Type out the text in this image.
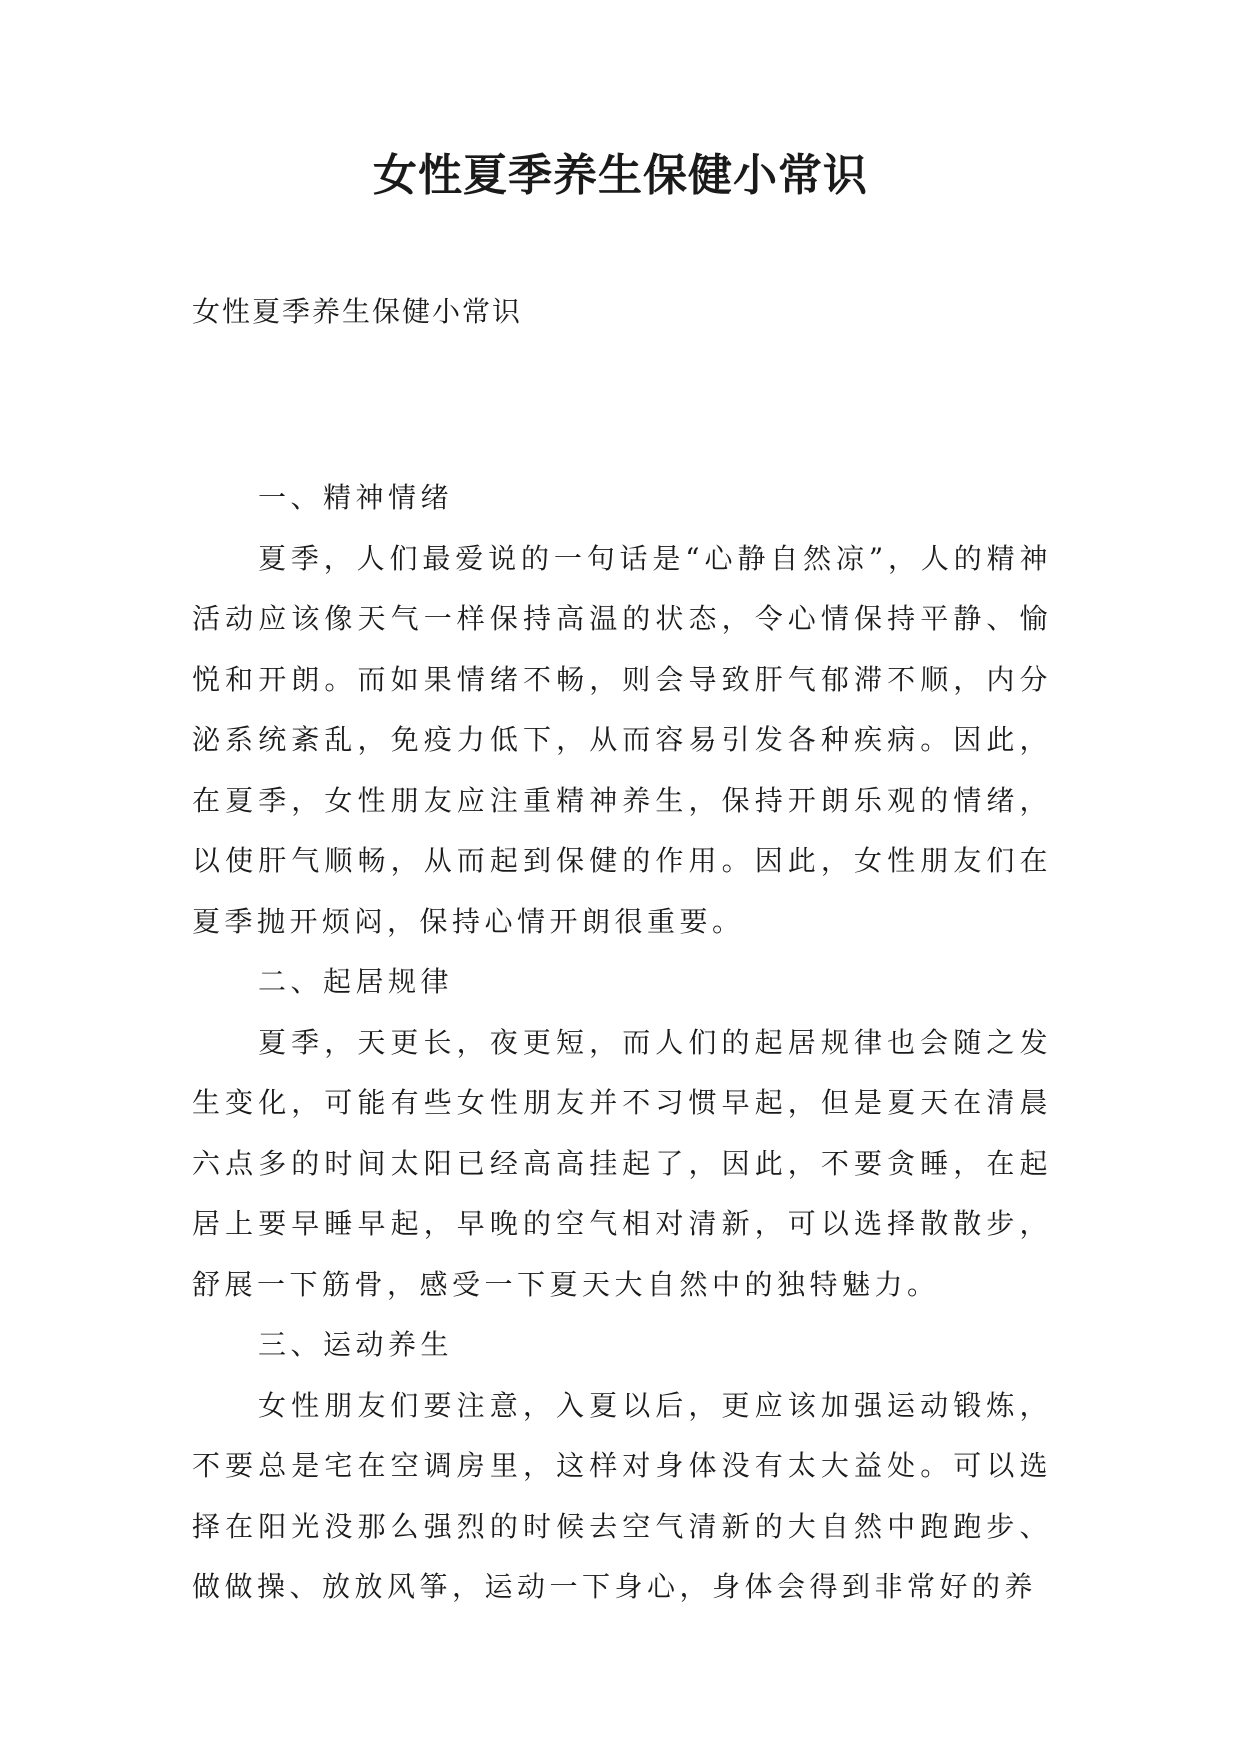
女性夏季养生保健小常识
女性夏季养生保健小常识

一、精神情绪

夏季，人们最爱说的一句话是“心静自然凉”，人的精神活动应该像天气一样保持高温的状态，令心情保持平静、愉悦和开朗。而如果情绪不畅，则会导致肝气郁滞不顺，内分泌系统紊乱，免疫力低下，从而容易引发各种疾病。因此，在夏季，女性朋友应注重精神养生，保持开朗乐观的情绪，以使肝气顺畅，从而起到保健的作用。因此，女性朋友们在夏季抛开烦闷，保持心情开朗很重要。

二、起居规律

夏季，天更长，夜更短，而人们的起居规律也会随之发生变化，可能有些女性朋友并不习惯早起，但是夏天在清晨六点多的时间太阳已经高高挂起了，因此，不要贪睡，在起居上要早睡早起，早晚的空气相对清新，可以选择散散步，舒展一下筋骨，感受一下夏天大自然中的独特魅力。

三、运动养生

女性朋友们要注意，入夏以后，更应该加强运动锻炼，不要总是宅在空调房里，这样对身体没有太大益处。可以选择在阳光没那么强烈的时候去空气清新的大自然中跑跑步、做做操、放放风筝，运动一下身心，身体会得到非常好的养
